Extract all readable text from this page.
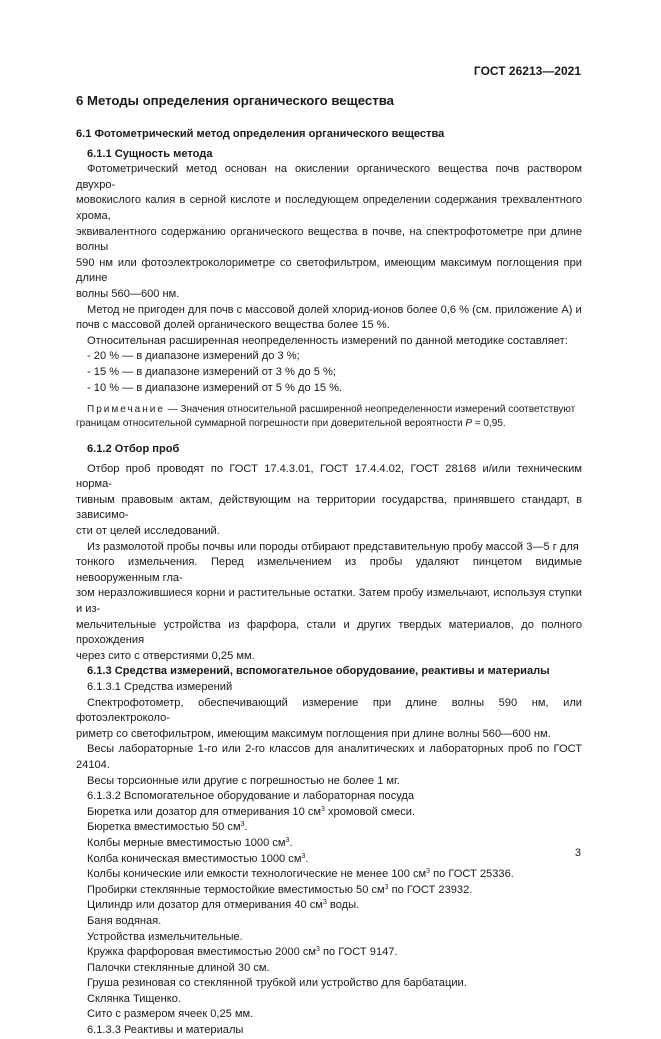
ГОСТ 26213—2021
6 Методы определения органического вещества
6.1 Фотометрический метод определения органического вещества

6.1.1 Сущность метода

Фотометрический метод основан на окислении органического вещества почв раствором двухро-

мовокислого калия в серной кислоте и последующем определении содержания трехвалентного хрома,

эквивалентного содержанию органического вещества в почве, на спектрофотометре при длине волны

590 нм или фотоэлектроколориметре со светофильтром, имеющим максимум поглощения при длине

волны 560—600 нм.

Метод не пригоден для почв с массовой долей хлорид-ионов более 0,6 % (см. приложение А) и

почв с массовой долей органического вещества более 15 %.

Относительная расширенная неопределенность измерений по данной методике составляет:

- 20 % — в диапазоне измерений до 3 %;

- 15 % — в диапазоне измерений от 3 % до 5 %;

- 10 % — в диапазоне измерений от 5 % до 15 %.

Примечание — Значения относительной расширенной неопределенности измерений соответствуют

границам относительной суммарной погрешности при доверительной вероятности P = 0,95.

6.1.2 Отбор проб

Отбор проб проводят по ГОСТ 17.4.3.01, ГОСТ 17.4.4.02, ГОСТ 28168 и/или техническим норма-

тивным правовым актам, действующим на территории государства, принявшего стандарт, в зависимо-

сти от целей исследований.

Из размолотой пробы почвы или породы отбирают представительную пробу массой 3—5 г для

тонкого измельчения. Перед измельчением из пробы удаляют пинцетом видимые невооруженным гла-

зом неразложившиеся корни и растительные остатки. Затем пробу измельчают, используя ступки и из-

мельчительные устройства из фарфора, стали и других твердых материалов, до полного прохождения

через сито с отверстиями 0,25 мм.

6.1.3 Средства измерений, вспомогательное оборудование, реактивы и материалы

6.1.3.1 Средства измерений

Спектрофотометр, обеспечивающий измерение при длине волны 590 нм, или фотоэлектроколо-

риметр со светофильтром, имеющим максимум поглощения при длине волны 560—600 нм.

Весы лабораторные 1-го или 2-го классов для аналитических и лабораторных проб по ГОСТ 24104.

Весы торсионные или другие с погрешностью не более 1 мг.

6.1.3.2 Вспомогательное оборудование и лабораторная посуда

Бюретка или дозатор для отмеривания 10 $см^3$ хромовой смеси.

Бюретка вместимостью 50 $см^3$.

Колбы мерные вместимостью 1000 $см^3$.

Колба коническая вместимостью 1000 $см^3$.

Колбы конические или емкости технологические не менее 100 $см^3$ по ГОСТ 25336.

Пробирки стеклянные термостойкие вместимостью 50 $см^3$ по ГОСТ 23932.

Цилиндр или дозатор для отмеривания 40 $см^3$ воды.

Баня водяная.

Устройства измельчительные.

Кружка фарфоровая вместимостью 2000 $см^3$ по ГОСТ 9147.

Палочки стеклянные длиной 30 см.

Груша резиновая со стеклянной трубкой или устройство для барбатации.

Склянка Тищенко.

Сито с размером ячеек 0,25 мм.

6.1.3.3 Реактивы и материалы

3
